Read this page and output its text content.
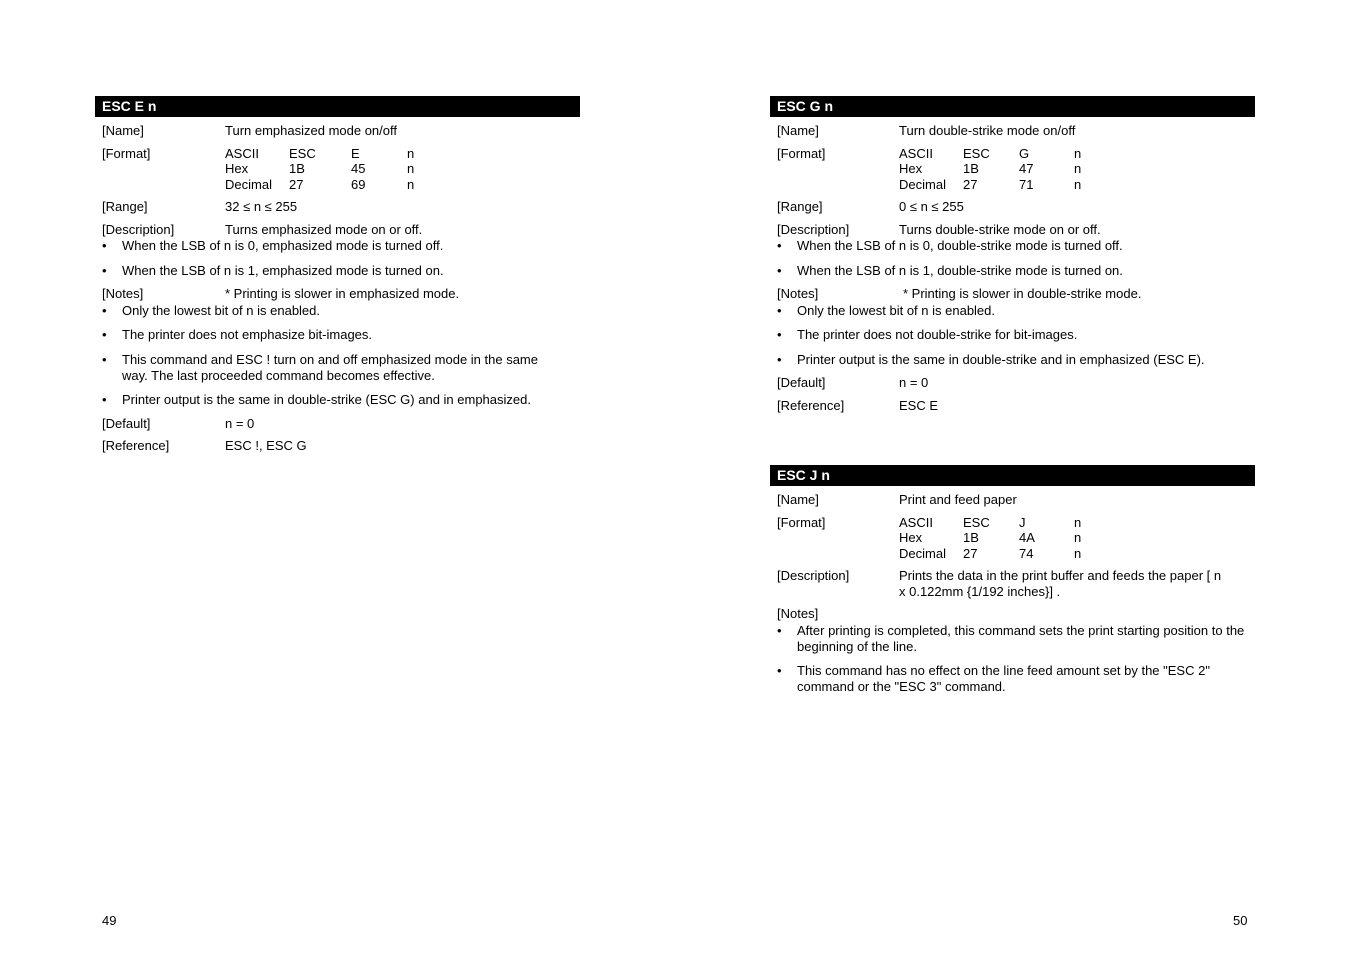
ESC E n
[Name]	Turn emphasized mode on/off
[Format]	ASCII ESC	E	n
Hex	1B	45	n
Decimal 27	69	n
[Range]	32 ≤ n ≤ 255
[Description]	Turns emphasized mode on or off.
• When the LSB of n is 0, emphasized mode is turned off.
• When the LSB of n is 1, emphasized mode is turned on.
[Notes]	* Printing is slower in emphasized mode.
• Only the lowest bit of n is enabled.
• The printer does not emphasize bit-images.
• This command and ESC ! turn on and off emphasized mode in the same way. The last proceeded command becomes effective.
• Printer output is the same in double-strike (ESC G) and in emphasized.
[Default]	n = 0
[Reference]	ESC !, ESC G
49
ESC G n
[Name]	Turn double-strike mode on/off
[Format]	ASCII ESC G	n
Hex	1B	47	n
Decimal 27	71	n
[Range]	0 ≤ n ≤ 255
[Description]	Turns double-strike mode on or off.
• When the LSB of n is 0, double-strike mode is turned off.
• When the LSB of n is 1, double-strike mode is turned on.
[Notes]	* Printing is slower in double-strike mode.
• Only the lowest bit of n is enabled.
• The printer does not double-strike for bit-images.
• Printer output is the same in double-strike and in emphasized (ESC E).
[Default]	n = 0
[Reference]	ESC E
ESC J n
[Name]	Print and feed paper
[Format]	ASCII ESC J	n
Hex	1B	4A	n
Decimal 27	74	n
[Description]	Prints the data in the print buffer and feeds the paper [ n x 0.122mm {1/192 inches}] .
[Notes]
• After printing is completed, this command sets the print starting position to the beginning of the line.
• This command has no effect on the line feed amount set by the "ESC 2" command or the "ESC 3" command.
50
